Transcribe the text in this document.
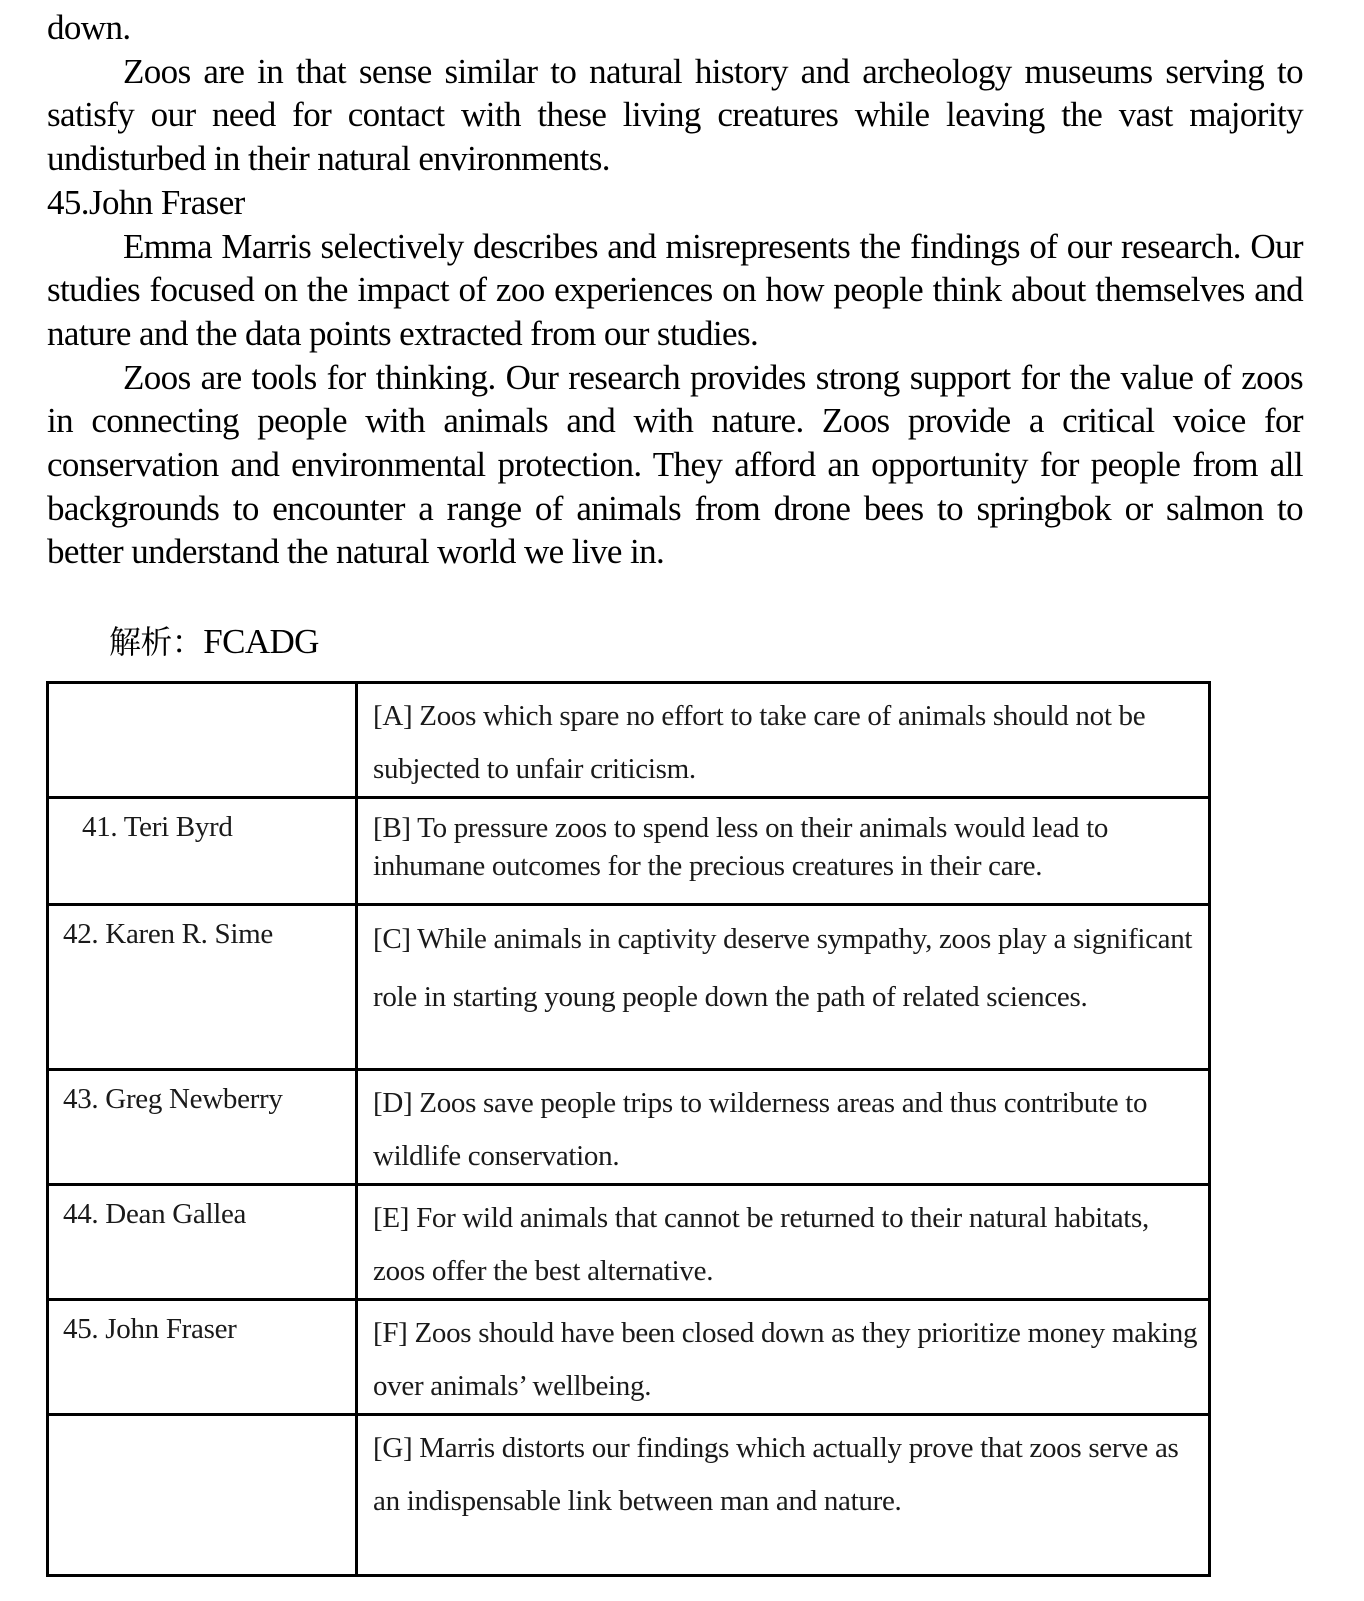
down.

Zoos are in that sense similar to natural history and archeology museums serving to satisfy our need for contact with these living creatures while leaving the vast majority undisturbed in their natural environments.

45.John Fraser

Emma Marris selectively describes and misrepresents the findings of our research. Our studies focused on the impact of zoo experiences on how people think about themselves and nature and the data points extracted from our studies.

Zoos are tools for thinking. Our research provides strong support for the value of zoos in connecting people with animals and with nature. Zoos provide a critical voice for conservation and environmental protection. They afford an opportunity for people from all backgrounds to encounter a range of animals from drone bees to springbok or salmon to better understand the natural world we live in.

解析：FCADG
	[A] Zoos which spare no effort to take care of animals should not be subjected to unfair criticism.
41. Teri Byrd	[B] To pressure zoos to spend less on their animals would lead to inhumane outcomes for the precious creatures in their care.
42. Karen R. Sime	[C] While animals in captivity deserve sympathy, zoos play a significant role in starting young people down the path of related sciences.
43. Greg Newberry	[D] Zoos save people trips to wilderness areas and thus contribute to wildlife conservation.
44. Dean Gallea	[E] For wild animals that cannot be returned to their natural habitats, zoos offer the best alternative.
45. John Fraser	[F] Zoos should have been closed down as they prioritize money making over animals’ wellbeing.
	[G] Marris distorts our findings which actually prove that zoos serve as an indispensable link between man and nature.
